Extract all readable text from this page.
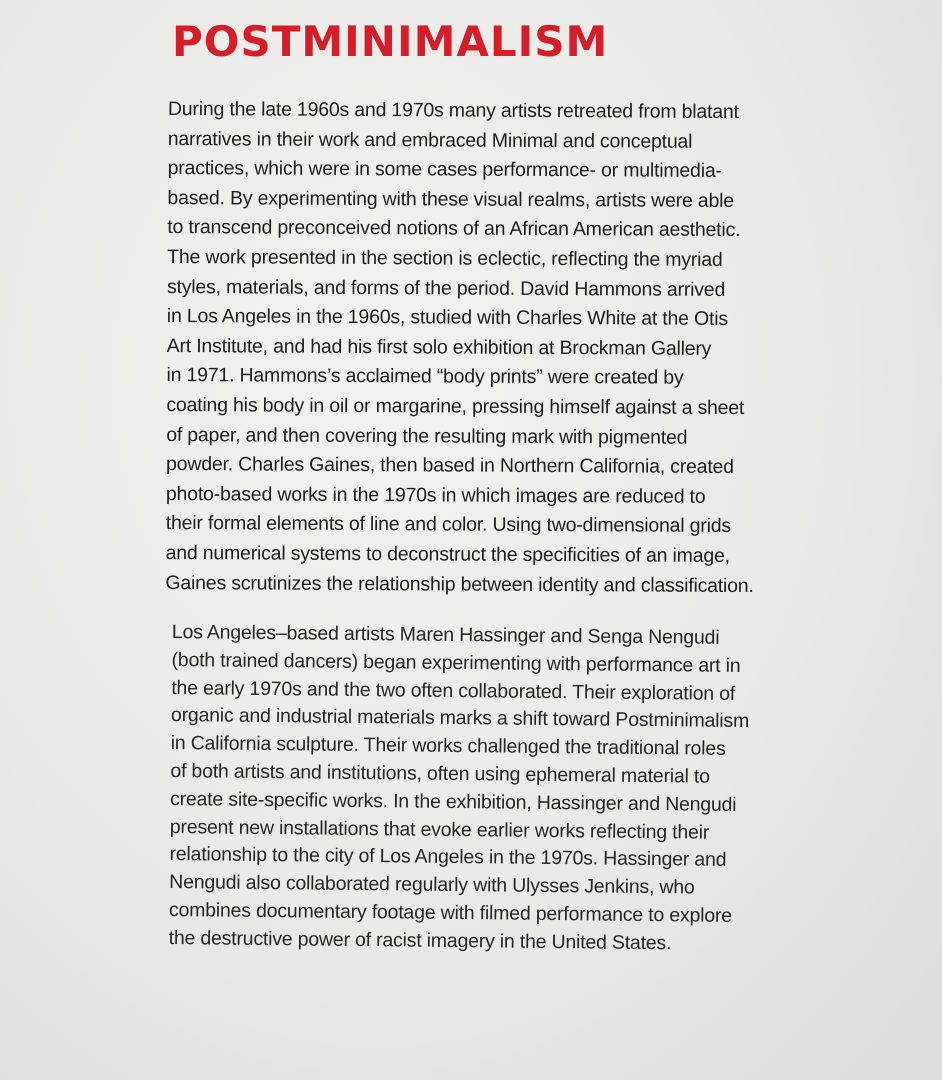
POSTMINIMALISM

During the late 1960s and 1970s many artists retreated from blatant
narratives in their work and embraced Minimal and conceptual
practices, which were in some cases performance- or multimedia-
based. By experimenting with these visual realms, artists were able
to transcend preconceived notions of an African American aesthetic.
The work presented in the section is eclectic, reflecting the myriad
styles, materials, and forms of the period. David Hammons arrived
in Los Angeles in the 1960s, studied with Charles White at the Otis
Art Institute, and had his first solo exhibition at Brockman Gallery
in 1971. Hammons’s acclaimed “body prints” were created by
coating his body in oil or margarine, pressing himself against a sheet
of paper, and then covering the resulting mark with pigmented
powder. Charles Gaines, then based in Northern California, created
photo-based works in the 1970s in which images are reduced to
their formal elements of line and color. Using two-dimensional grids
and numerical systems to deconstruct the specificities of an image,
Gaines scrutinizes the relationship between identity and classification.

Los Angeles–based artists Maren Hassinger and Senga Nengudi
(both trained dancers) began experimenting with performance art in
the early 1970s and the two often collaborated. Their exploration of
organic and industrial materials marks a shift toward Postminimalism
in California sculpture. Their works challenged the traditional roles
of both artists and institutions, often using ephemeral material to
create site-specific works. In the exhibition, Hassinger and Nengudi
present new installations that evoke earlier works reflecting their
relationship to the city of Los Angeles in the 1970s. Hassinger and
Nengudi also collaborated regularly with Ulysses Jenkins, who
combines documentary footage with filmed performance to explore
the destructive power of racist imagery in the United States.
